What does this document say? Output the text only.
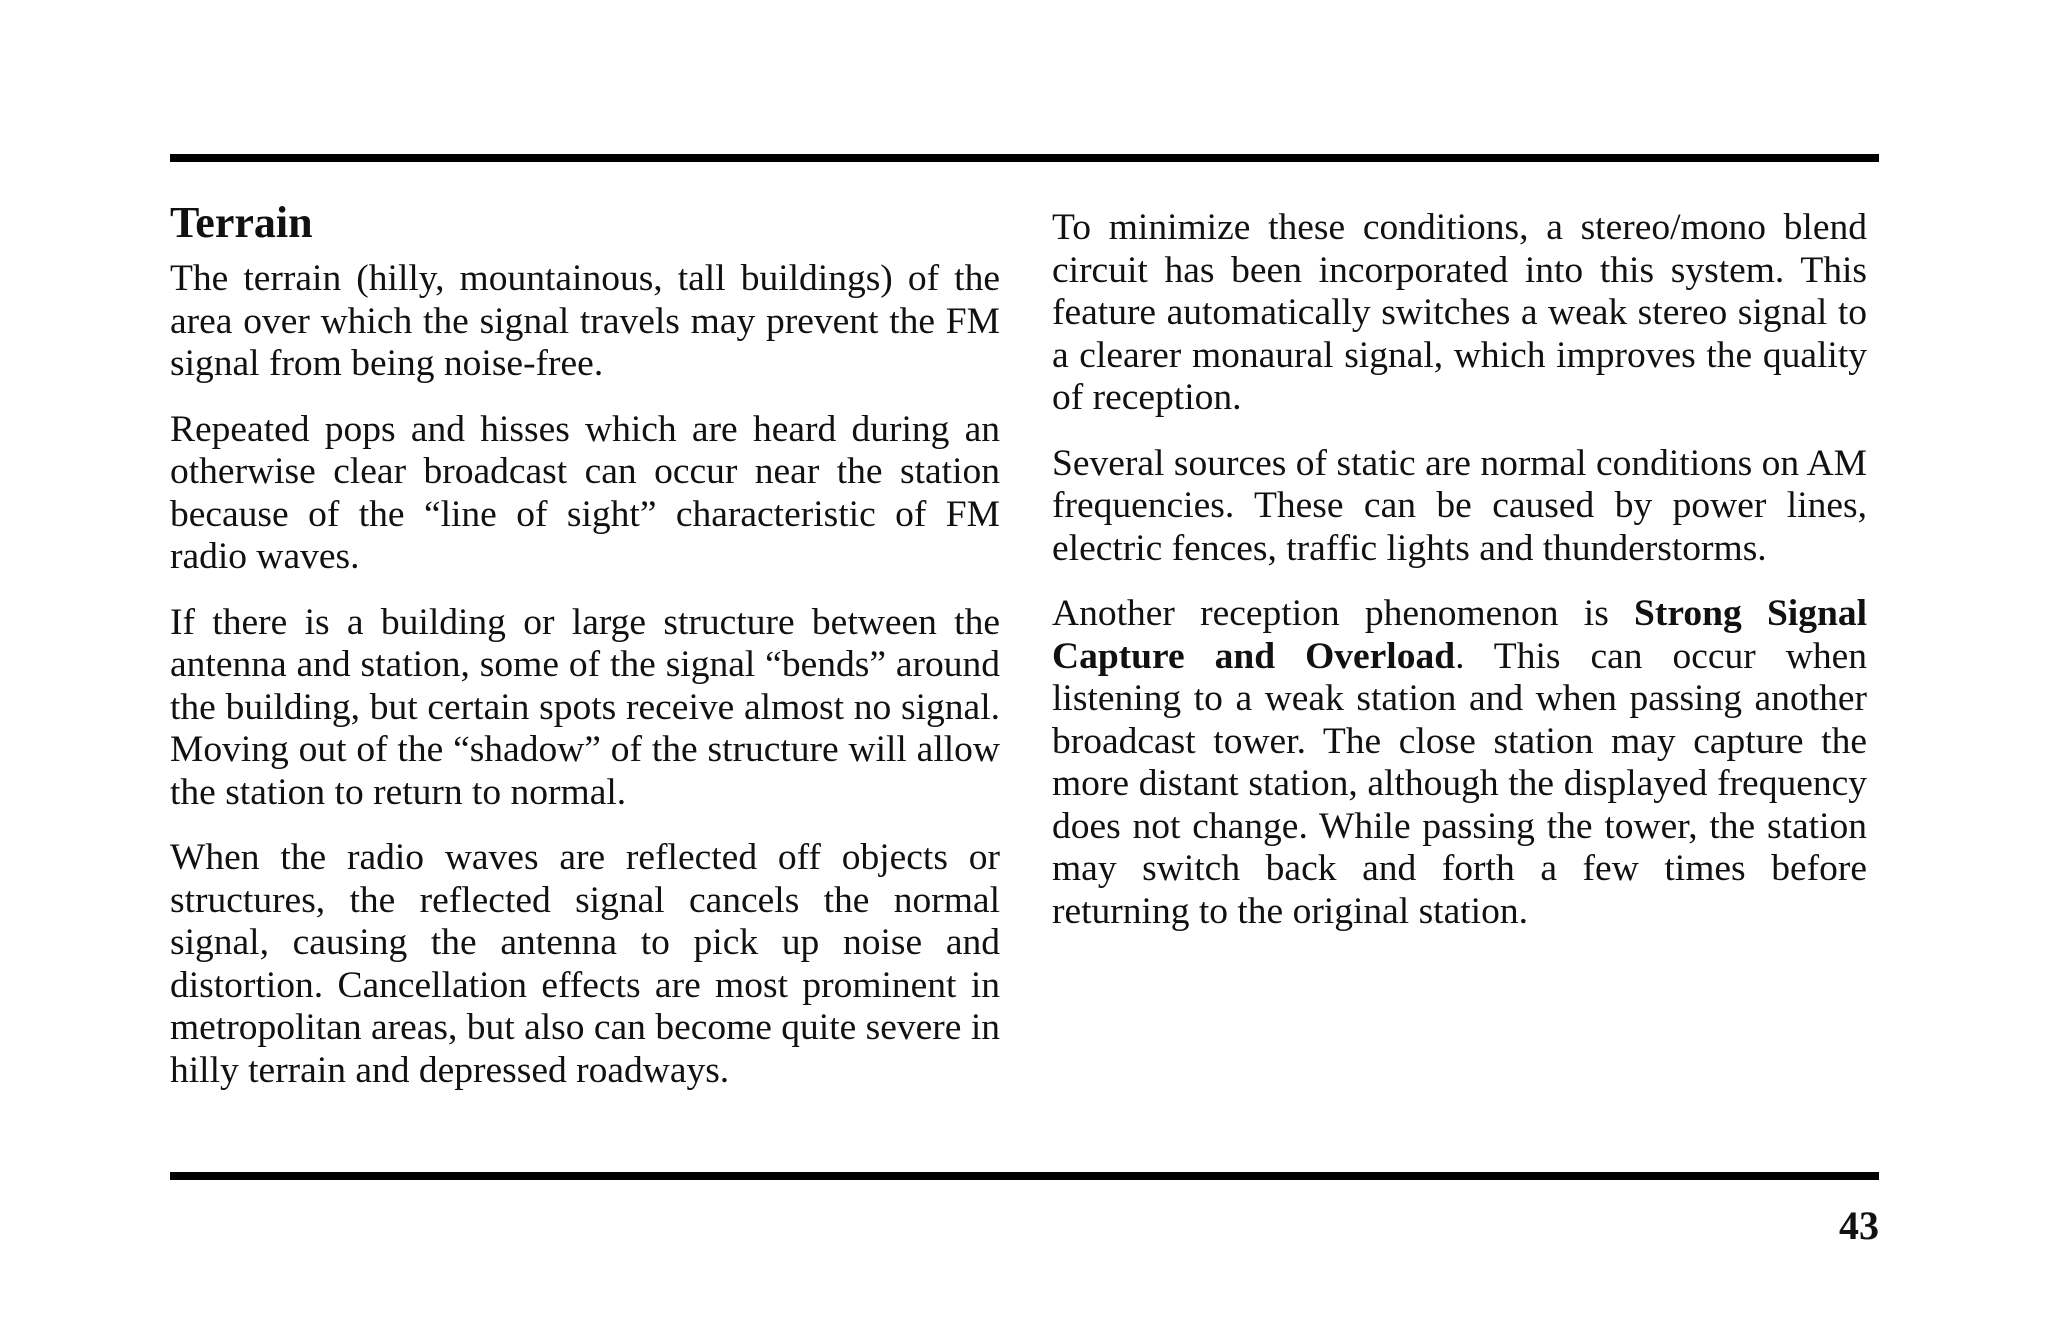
Terrain

The terrain (hilly, mountainous, tall buildings) of the area over which the signal travels may prevent the FM signal from being noise-free.

Repeated pops and hisses which are heard during an otherwise clear broadcast can occur near the station because of the “line of sight” characteristic of FM radio waves.

If there is a building or large structure between the antenna and station, some of the signal “bends” around the building, but certain spots receive almost no signal. Moving out of the “shadow” of the structure will allow the station to return to normal.

When the radio waves are reflected off objects or structures, the reflected signal cancels the normal signal, causing the antenna to pick up noise and distortion. Cancellation effects are most prominent in metropolitan areas, but also can become quite severe in hilly terrain and depressed roadways.

To minimize these conditions, a stereo/mono blend circuit has been incorporated into this system. This feature automatically switches a weak stereo signal to a clearer monaural signal, which improves the quality of reception.

Several sources of static are normal conditions on AM frequencies. These can be caused by power lines, electric fences, traffic lights and thunderstorms.

Another reception phenomenon is Strong Signal Capture and Overload. This can occur when listening to a weak station and when passing another broadcast tower. The close station may capture the more distant station, although the displayed frequency does not change. While passing the tower, the station may switch back and forth a few times before returning to the original station.

43
